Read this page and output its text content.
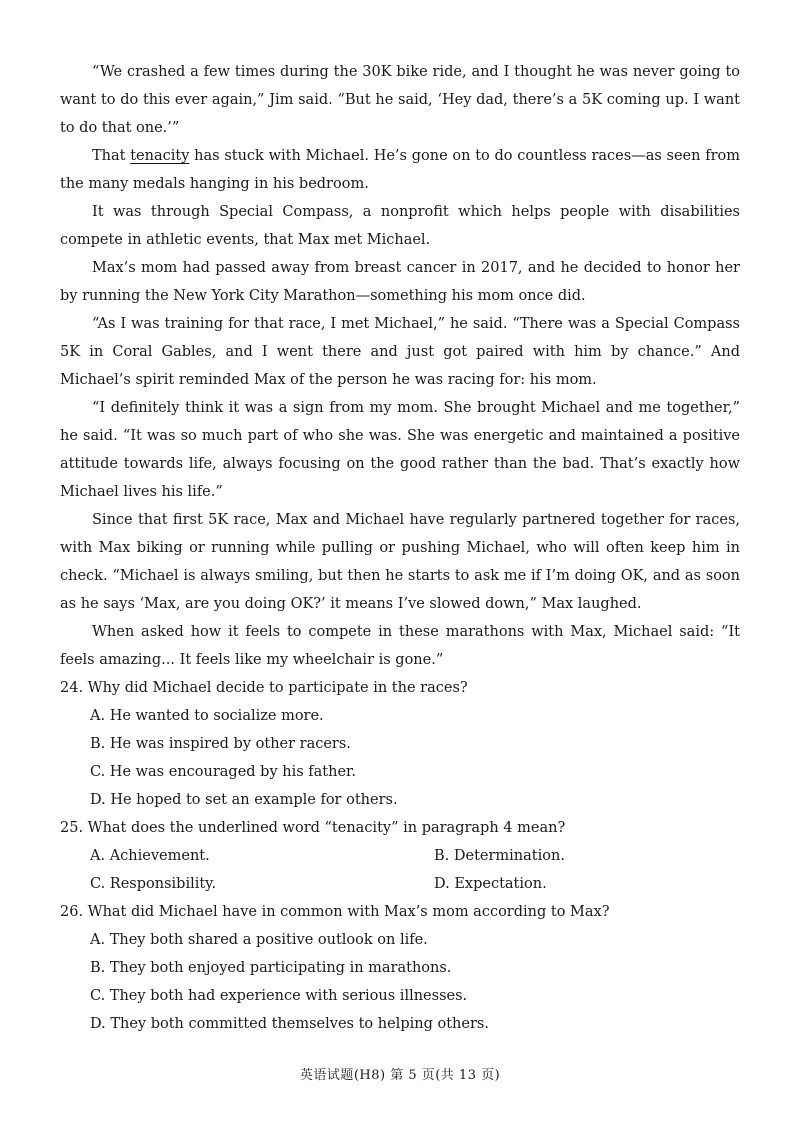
“We crashed a few times during the 30K bike ride, and I thought he was never going to want to do this ever again,” Jim said. “But he said, ‘Hey dad, there’s a 5K coming up. I want to do that one.’”

That tenacity has stuck with Michael. He’s gone on to do countless races—as seen from the many medals hanging in his bedroom.

It was through Special Compass, a nonprofit which helps people with disabilities compete in athletic events, that Max met Michael.

Max’s mom had passed away from breast cancer in 2017, and he decided to honor her by running the New York City Marathon—something his mom once did.

“As I was training for that race, I met Michael,” he said. “There was a Special Compass 5K in Coral Gables, and I went there and just got paired with him by chance.” And Michael’s spirit reminded Max of the person he was racing for: his mom.

“I definitely think it was a sign from my mom. She brought Michael and me together,” he said. “It was so much part of who she was. She was energetic and maintained a positive attitude towards life, always focusing on the good rather than the bad. That’s exactly how Michael lives his life.”

Since that first 5K race, Max and Michael have regularly partnered together for races, with Max biking or running while pulling or pushing Michael, who will often keep him in check. “Michael is always smiling, but then he starts to ask me if I’m doing OK, and as soon as he says ‘Max, are you doing OK?’ it means I’ve slowed down,” Max laughed.

When asked how it feels to compete in these marathons with Max, Michael said: “It feels amazing... It feels like my wheelchair is gone.”

24. Why did Michael decide to participate in the races?

A. He wanted to socialize more.

B. He was inspired by other racers.

C. He was encouraged by his father.

D. He hoped to set an example for others.

25. What does the underlined word “tenacity” in paragraph 4 mean?

A. Achievement.	B. Determination.

C. Responsibility.	D. Expectation.

26. What did Michael have in common with Max’s mom according to Max?

A. They both shared a positive outlook on life.

B. They both enjoyed participating in marathons.

C. They both had experience with serious illnesses.

D. They both committed themselves to helping others.

英语试题(H8) 第 5 页(共 13 页)
